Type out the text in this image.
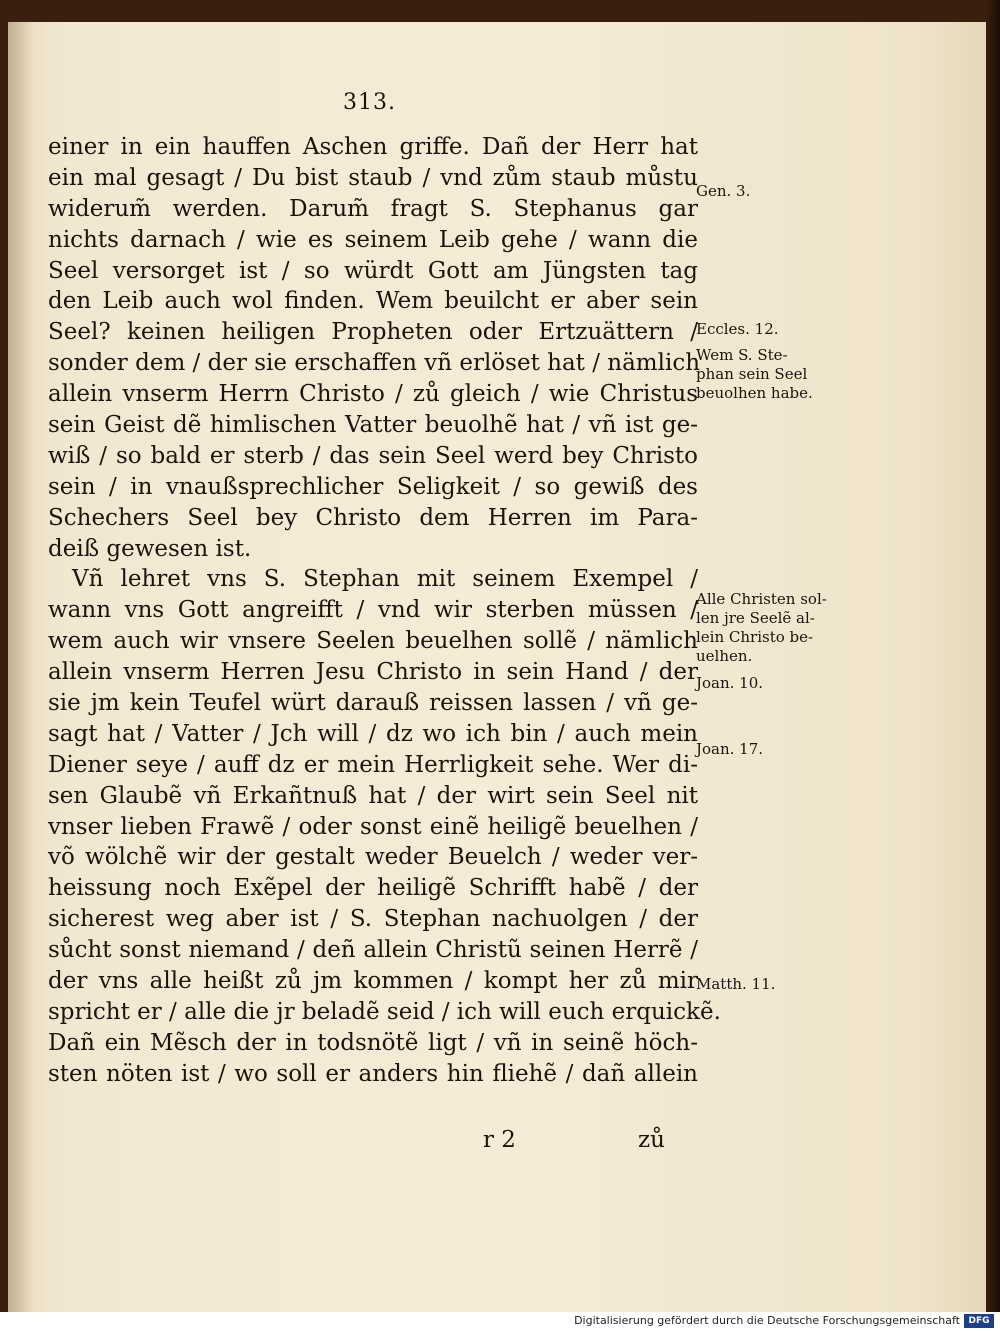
313.
einer in ein hauffen Aschen griffe. Dañ der Herr hat
ein mal gesagt / Du bist staub / vnd zům staub můstu
widerum̃ werden. Darum̃ fragt S. Stephanus gar
nichts darnach / wie es seinem Leib gehe / wann die
Seel versorget ist / so würdt Gott am Jüngsten tag
den Leib auch wol finden. Wem beuilcht er aber sein
Seel? keinen heiligen Propheten oder Ertzuättern /
sonder dem / der sie erschaffen vñ erlöset hat / nämlich
allein vnserm Herrn Christo / zů gleich / wie Christus
sein Geist dẽ himlischen Vatter beuolhẽ hat / vñ ist ge-
wiß / so bald er sterb / das sein Seel werd bey Christo
sein / in vnaußsprechlicher Seligkeit / so gewiß des
Schechers Seel bey Christo dem Herren im Para-
deiß gewesen ist.
Vñ lehret vns S. Stephan mit seinem Exempel /
wann vns Gott angreifft / vnd wir sterben müssen /
wem auch wir vnsere Seelen beuelhen sollẽ / nämlich
allein vnserm Herren Jesu Christo in sein Hand / der
sie jm kein Teufel würt darauß reissen lassen / vñ ge-
sagt hat / Vatter / Jch will / dz wo ich bin / auch mein
Diener seye / auff dz er mein Herrligkeit sehe. Wer di-
sen Glaubẽ vñ Erkañtnuß hat / der wirt sein Seel nit
vnser lieben Frawẽ / oder sonst einẽ heiligẽ beuelhen /
võ wölchẽ wir der gestalt weder Beuelch / weder ver-
heissung noch Exẽpel der heiligẽ Schrifft habẽ / der
sicherest weg aber ist / S. Stephan nachuolgen / der
sůcht sonst niemand / deñ allein Christũ seinen Herrẽ /
der vns alle heißt zů jm kommen / kompt her zů mir
spricht er / alle die jr beladẽ seid / ich will euch erquickẽ.
Dañ ein Mẽsch der in todsnötẽ ligt / vñ in seinẽ höch-
sten nöten ist / wo soll er anders hin fliehẽ / dañ allein
r 2	zů
Gen. 3.
Eccles. 12.
Wem S. Ste-
phan sein Seel
beuolhen habe.
Alle Christen sol-
len jre Seelẽ al-
lein Christo be-
uelhen.
Joan. 10.
Joan. 17.
Matth. 11.
Digitalisierung gefördert durch die Deutsche Forschungsgemeinschaft DFG
